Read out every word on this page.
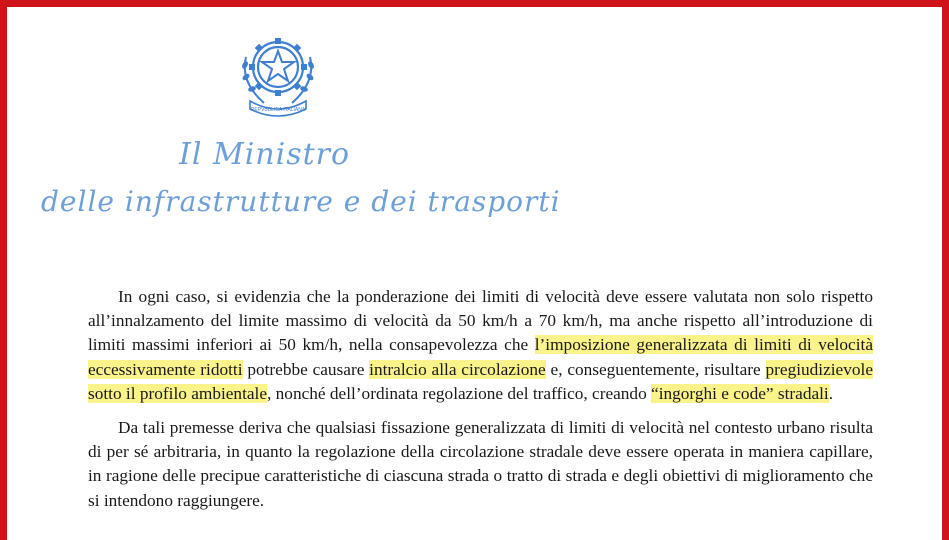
REPVBBLICA ITALIANA
Il Ministro
delle infrastrutture e dei trasporti

In ogni caso, si evidenzia che la ponderazione dei limiti di velocità deve essere valutata non solo rispetto all’innalzamento del limite massimo di velocità da 50 km/h a 70 km/h, ma anche rispetto all’introduzione di limiti massimi inferiori ai 50 km/h, nella consapevolezza che l’imposizione generalizzata di limiti di velocità eccessivamente ridotti potrebbe causare intralcio alla circolazione e, conseguentemente, risultare pregiudizievole sotto il profilo ambientale, nonché dell’ordinata regolazione del traffico, creando “ingorghi e code” stradali.

Da tali premesse deriva che qualsiasi fissazione generalizzata di limiti di velocità nel contesto urbano risulta di per sé arbitraria, in quanto la regolazione della circolazione stradale deve essere operata in maniera capillare, in ragione delle precipue caratteristiche di ciascuna strada o tratto di strada e degli obiettivi di miglioramento che si intendono raggiungere.
